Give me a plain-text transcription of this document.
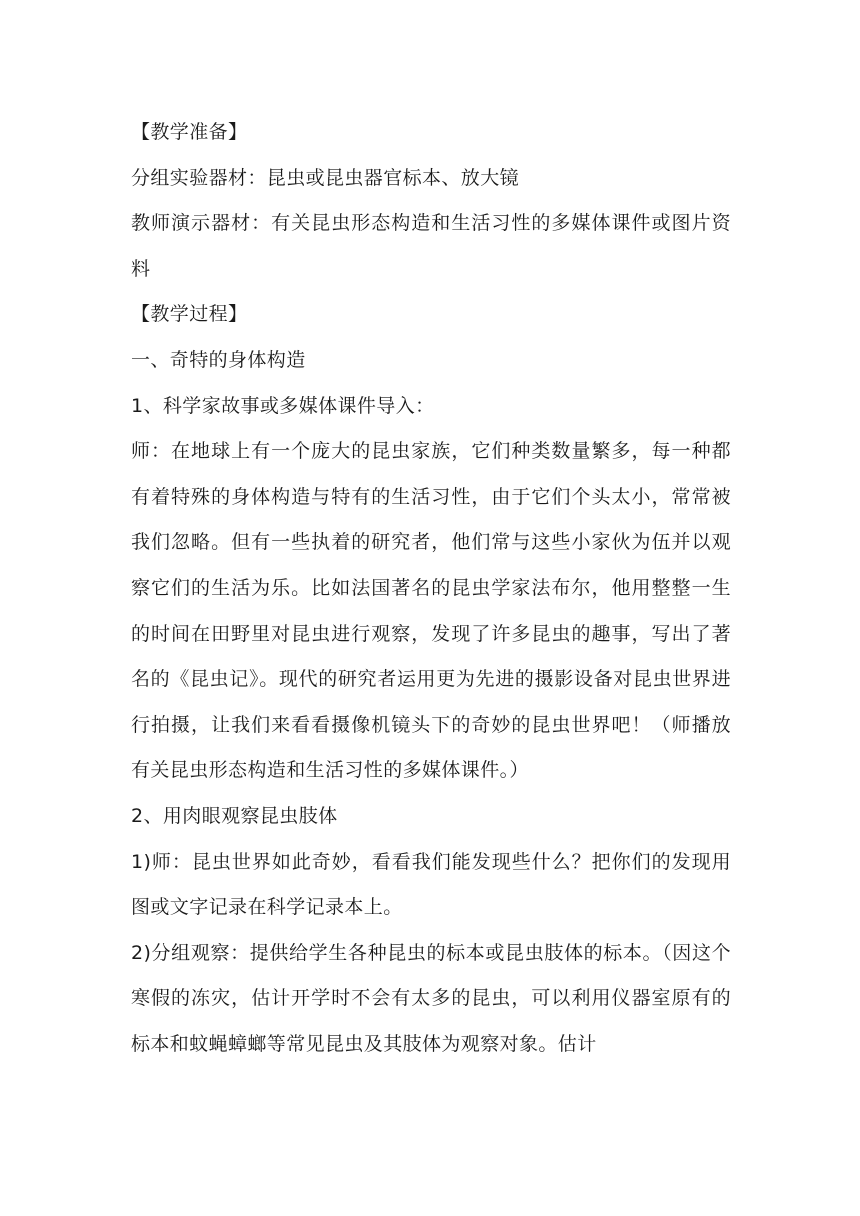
【教学准备】
分组实验器材：昆虫或昆虫器官标本、放大镜
教师演示器材：有关昆虫形态构造和生活习性的多媒体课件或图片资料
【教学过程】
一、奇特的身体构造
1、科学家故事或多媒体课件导入：
师：在地球上有一个庞大的昆虫家族，它们种类数量繁多，每一种都有着特殊的身体构造与特有的生活习性，由于它们个头太小，常常被我们忽略。但有一些执着的研究者，他们常与这些小家伙为伍并以观察它们的生活为乐。比如法国著名的昆虫学家法布尔，他用整整一生的时间在田野里对昆虫进行观察，发现了许多昆虫的趣事，写出了著名的《昆虫记》。现代的研究者运用更为先进的摄影设备对昆虫世界进行拍摄，让我们来看看摄像机镜头下的奇妙的昆虫世界吧！（师播放有关昆虫形态构造和生活习性的多媒体课件。）
2、用肉眼观察昆虫肢体
1)师：昆虫世界如此奇妙，看看我们能发现些什么？把你们的发现用图或文字记录在科学记录本上。
2)分组观察：提供给学生各种昆虫的标本或昆虫肢体的标本。（因这个寒假的冻灾，估计开学时不会有太多的昆虫，可以利用仪器室原有的标本和蚊蝇蟑螂等常见昆虫及其肢体为观察对象。估计
